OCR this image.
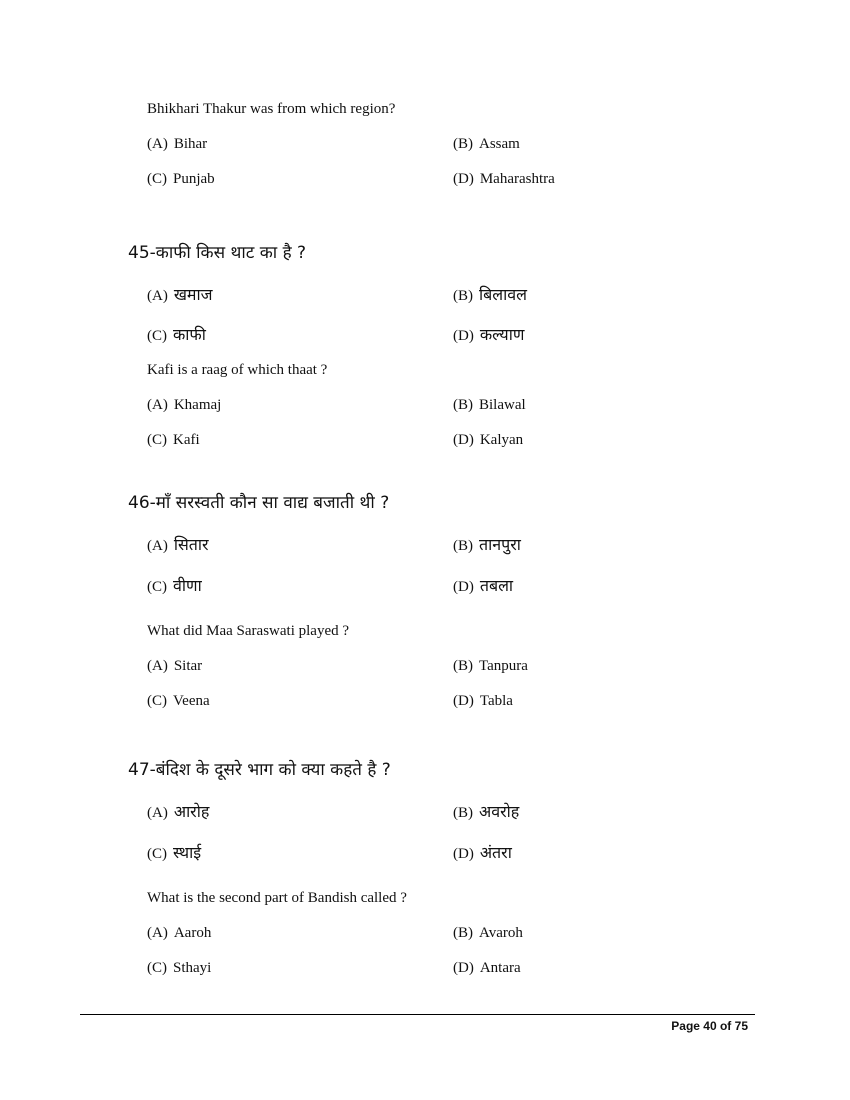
Bhikhari Thakur was from which region?
(A) Bihar	(B) Assam
(C) Punjab	(D) Maharashtra
45-काफी किस थाट का है ?
(A) खमाज	(B) बिलावल
(C) काफी	(D) कल्याण
Kafi is a raag of which thaat ?
(A) Khamaj	(B) Bilawal
(C) Kafi	(D) Kalyan
46-माँ सरस्वती कौन सा वाद्य बजाती थी ?
(A) सितार	(B) तानपुरा
(C) वीणा	(D) तबला
What did Maa Saraswati played ?
(A) Sitar	(B) Tanpura
(C) Veena	(D) Tabla
47-बंदिश के दूसरे भाग को क्या कहते है ?
(A) आरोह	(B) अवरोह
(C) स्थाई	(D) अंतरा
What is the second part of Bandish called ?
(A) Aaroh	(B) Avaroh
(C) Sthayi	(D) Antara
Page 40 of 75
